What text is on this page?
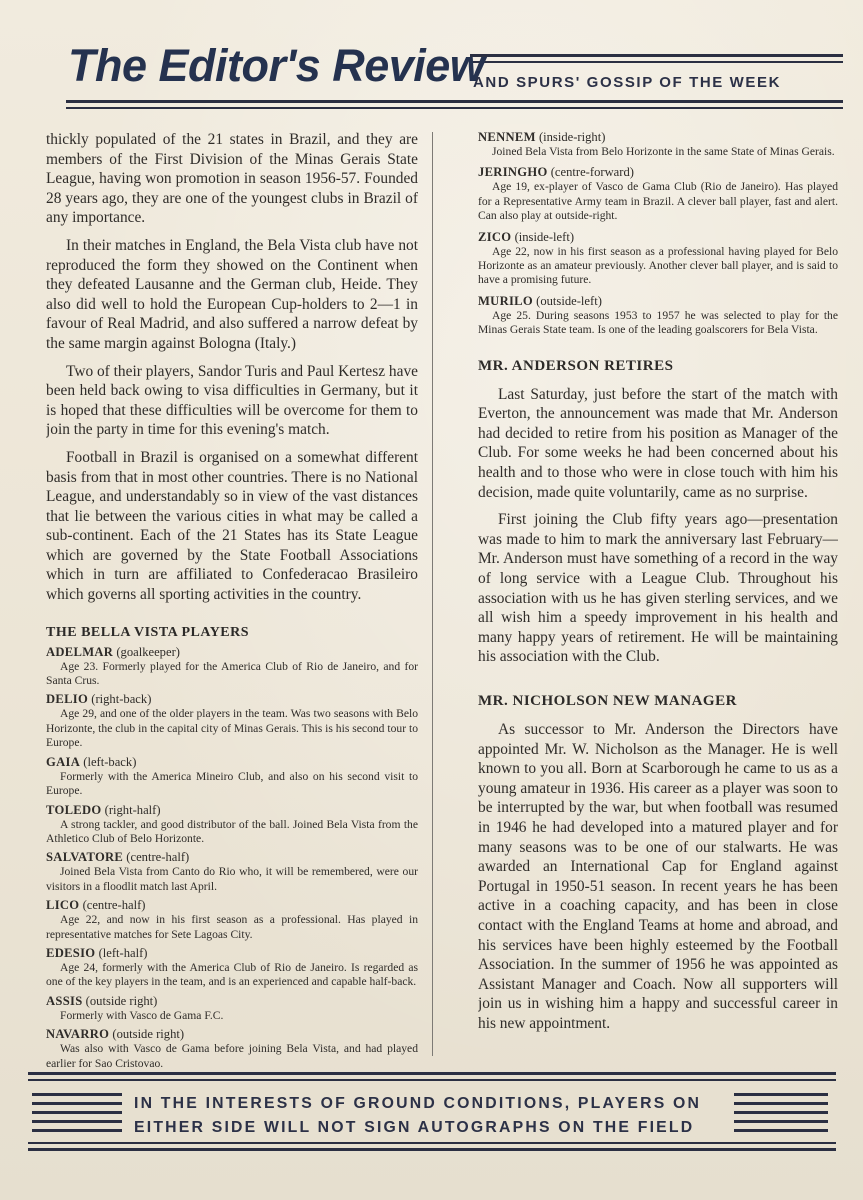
The Editor's Review
AND SPURS' GOSSIP OF THE WEEK

thickly populated of the 21 states in Brazil, and they are members of the First Division of the Minas Gerais State League, having won promotion in season 1956-57. Founded 28 years ago, they are one of the youngest clubs in Brazil of any importance.

In their matches in England, the Bela Vista club have not reproduced the form they showed on the Continent when they defeated Lausanne and the German club, Heide. They also did well to hold the European Cup-holders to 2—1 in favour of Real Madrid, and also suffered a narrow defeat by the same margin against Bologna (Italy.)

Two of their players, Sandor Turis and Paul Kertesz have been held back owing to visa difficulties in Germany, but it is hoped that these difficulties will be overcome for them to join the party in time for this evening's match.

Football in Brazil is organised on a somewhat different basis from that in most other countries. There is no National League, and understandably so in view of the vast distances that lie between the various cities in what may be called a sub-continent. Each of the 21 States has its State League which are governed by the State Football Associations which in turn are affiliated to Confederacao Brasileiro which governs all sporting activities in the country.

THE BELLA VISTA PLAYERS

ADELMAR (goalkeeper)

Age 23. Formerly played for the America Club of Rio de Janeiro, and for Santa Crus.

DELIO (right-back)

Age 29, and one of the older players in the team. Was two seasons with Belo Horizonte, the club in the capital city of Minas Gerais. This is his second tour to Europe.

GAIA (left-back)

Formerly with the America Mineiro Club, and also on his second visit to Europe.

TOLEDO (right-half)

A strong tackler, and good distributor of the ball. Joined Bela Vista from the Athletico Club of Belo Horizonte.

SALVATORE (centre-half)

Joined Bela Vista from Canto do Rio who, it will be remembered, were our visitors in a floodlit match last April.

LICO (centre-half)

Age 22, and now in his first season as a professional. Has played in representative matches for Sete Lagoas City.

EDESIO (left-half)

Age 24, formerly with the America Club of Rio de Janeiro. Is regarded as one of the key players in the team, and is an experienced and capable half-back.

ASSIS (outside right)

Formerly with Vasco de Gama F.C.

NAVARRO (outside right)

Was also with Vasco de Gama before joining Bela Vista, and had played earlier for Sao Cristovao.

NENNEM (inside-right)

Joined Bela Vista from Belo Horizonte in the same State of Minas Gerais.

JERINGHO (centre-forward)

Age 19, ex-player of Vasco de Gama Club (Rio de Janeiro). Has played for a Representative Army team in Brazil. A clever ball player, fast and alert. Can also play at outside-right.

ZICO (inside-left)

Age 22, now in his first season as a professional having played for Belo Horizonte as an amateur previously. Another clever ball player, and is said to have a promising future.

MURILO (outside-left)

Age 25. During seasons 1953 to 1957 he was selected to play for the Minas Gerais State team. Is one of the leading goalscorers for Bela Vista.

MR. ANDERSON RETIRES

Last Saturday, just before the start of the match with Everton, the announcement was made that Mr. Anderson had decided to retire from his position as Manager of the Club. For some weeks he had been concerned about his health and to those who were in close touch with him his decision, made quite voluntarily, came as no surprise.

First joining the Club fifty years ago—presentation was made to him to mark the anniversary last February—Mr. Anderson must have something of a record in the way of long service with a League Club. Throughout his association with us he has given sterling services, and we all wish him a speedy improvement in his health and many happy years of retirement. He will be maintaining his association with the Club.

MR. NICHOLSON NEW MANAGER

As successor to Mr. Anderson the Directors have appointed Mr. W. Nicholson as the Manager. He is well known to you all. Born at Scarborough he came to us as a young amateur in 1936. His career as a player was soon to be interrupted by the war, but when football was resumed in 1946 he had developed into a matured player and for many seasons was to be one of our stalwarts. He was awarded an International Cap for England against Portugal in 1950-51 season. In recent years he has been active in a coaching capacity, and has been in close contact with the England Teams at home and abroad, and his services have been highly esteemed by the Football Association. In the summer of 1956 he was appointed as Assistant Manager and Coach. Now all supporters will join us in wishing him a happy and successful career in his new appointment.

IN THE INTERESTS OF GROUND CONDITIONS, PLAYERS ON
EITHER SIDE WILL NOT SIGN AUTOGRAPHS ON THE FIELD
